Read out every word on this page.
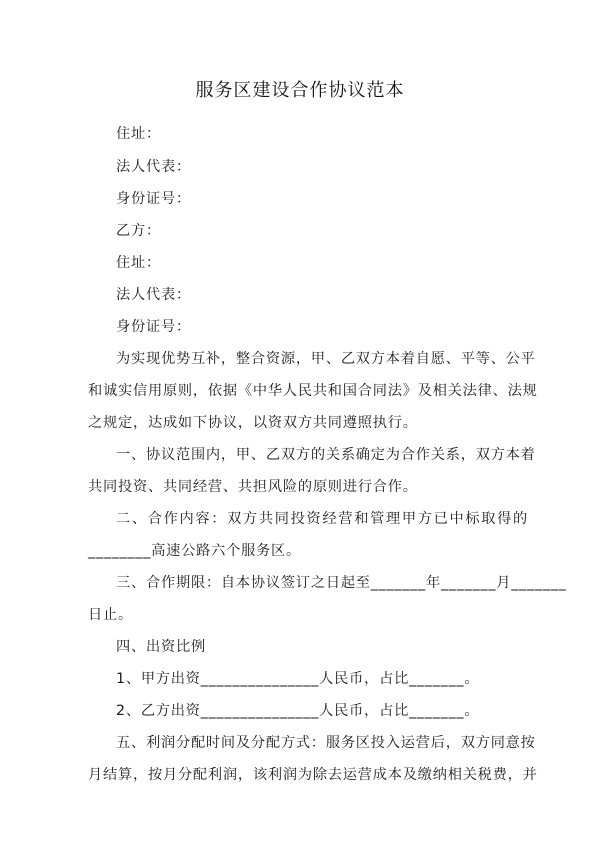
服务区建设合作协议范本
住址：
法人代表：
身份证号：
乙方：
住址：
法人代表：
身份证号：
为实现优势互补，整合资源，甲、乙双方本着自愿、平等、公平
和诚实信用原则，依据《中华人民共和国合同法》及相关法律、法规
之规定，达成如下协议，以资双方共同遵照执行。
一、协议范围内，甲、乙双方的关系确定为合作关系，双方本着
共同投资、共同经营、共担风险的原则进行合作。
二、合作内容：双方共同投资经营和管理甲方已中标取得的
________高速公路六个服务区。
三、合作期限：自本协议签订之日起至_______年_______月_______
日止。
四、出资比例
1、甲方出资_______________人民币，占比_______。
2、乙方出资_______________人民币，占比_______。
五、利润分配时间及分配方式：服务区投入运营后，双方同意按
月结算，按月分配利润，该利润为除去运营成本及缴纳相关税费，并
